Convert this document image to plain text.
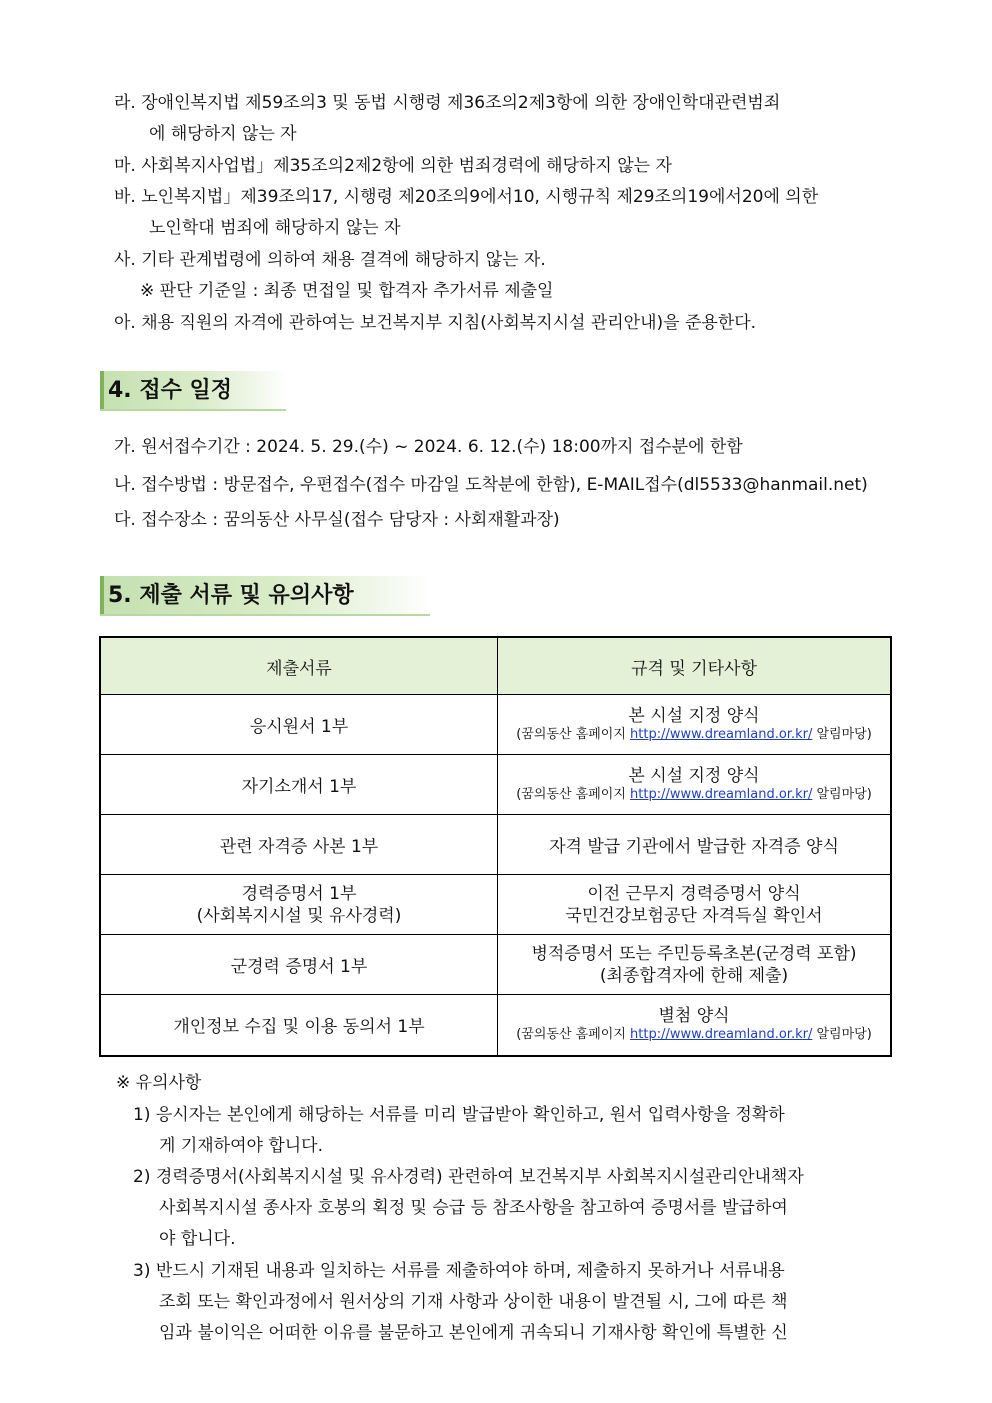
라. 장애인복지법 제59조의3 및 동법 시행령 제36조의2제3항에 의한 장애인학대관련범죄
에 해당하지 않는 자
마. 사회복지사업법」제35조의2제2항에 의한 범죄경력에 해당하지 않는 자
바. 노인복지법」제39조의17, 시행령 제20조의9에서10, 시행규칙 제29조의19에서20에 의한
노인학대 범죄에 해당하지 않는 자
사. 기타 관계법령에 의하여 채용 결격에 해당하지 않는 자.
※ 판단 기준일 : 최종 면접일 및 합격자 추가서류 제출일
아. 채용 직원의 자격에 관하여는 보건복지부 지침(사회복지시설 관리안내)을 준용한다.
4. 접수 일정
가. 원서접수기간 : 2024. 5. 29.(수) ~ 2024. 6. 12.(수) 18:00까지 접수분에 한함
나. 접수방법 : 방문접수, 우편접수(접수 마감일 도착분에 한함), E-MAIL접수(dl5533@hanmail.net)
다. 접수장소 : 꿈의동산 사무실(접수 담당자 : 사회재활과장)
5. 제출 서류 및 유의사항
제출서류	규격 및 기타사항
응시원서 1부	본 시설 지정 양식
(꿈의동산 홈페이지 http://www.dreamland.or.kr/ 알림마당)

자기소개서 1부	본 시설 지정 양식
(꿈의동산 홈페이지 http://www.dreamland.or.kr/ 알림마당)

관련 자격증 사본 1부	자격 발급 기관에서 발급한 자격증 양식

경력증명서 1부
(사회복지시설 및 유사경력)	이전 근무지 경력증명서 양식
국민건강보험공단 자격득실 확인서

군경력 증명서 1부	병적증명서 또는 주민등록초본(군경력 포함)
(최종합격자에 한해 제출)

개인정보 수집 및 이용 동의서 1부	별첨 양식
(꿈의동산 홈페이지 http://www.dreamland.or.kr/ 알림마당)
※ 유의사항
1) 응시자는 본인에게 해당하는 서류를 미리 발급받아 확인하고, 원서 입력사항을 정확하
게 기재하여야 합니다.
2) 경력증명서(사회복지시설 및 유사경력) 관련하여 보건복지부 사회복지시설관리안내책자
사회복지시설 종사자 호봉의 획정 및 승급 등 참조사항을 참고하여 증명서를 발급하여
야 합니다.
3) 반드시 기재된 내용과 일치하는 서류를 제출하여야 하며, 제출하지 못하거나 서류내용
조회 또는 확인과정에서 원서상의 기재 사항과 상이한 내용이 발견될 시, 그에 따른 책
임과 불이익은 어떠한 이유를 불문하고 본인에게 귀속되니 기재사항 확인에 특별한 신
